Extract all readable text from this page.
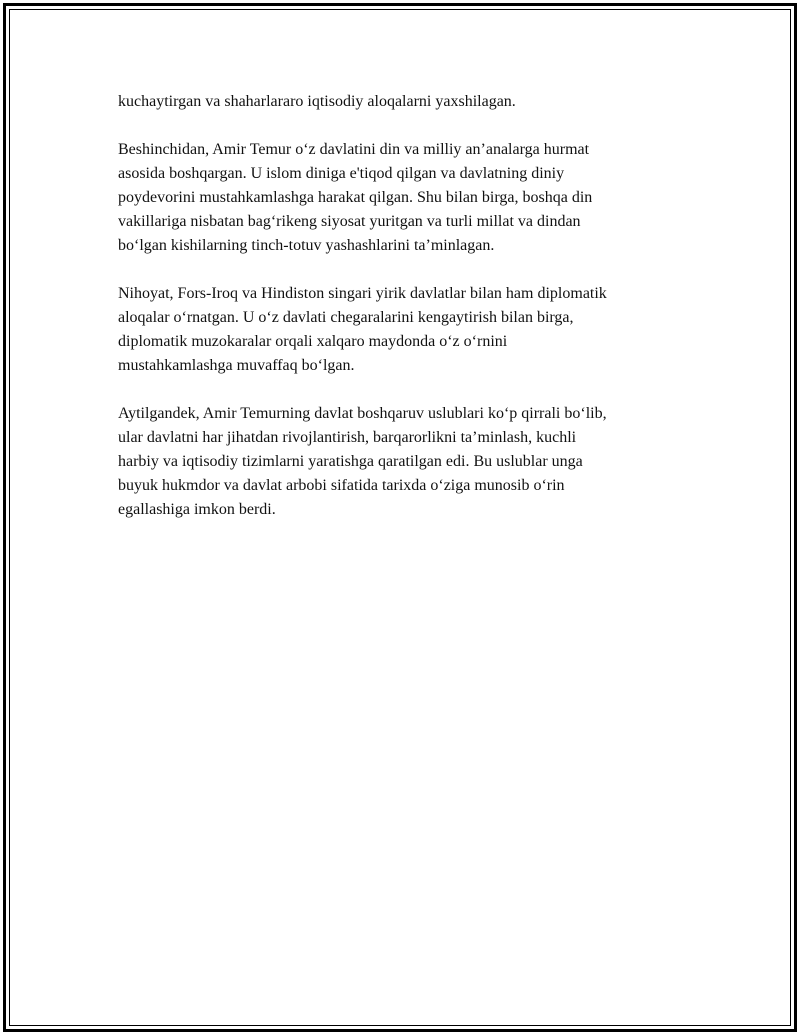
kuchaytirgan va shaharlararo iqtisodiy aloqalarni yaxshilagan.

Beshinchidan, Amir Temur o‘z davlatini din va milliy an’analarga hurmat
asosida boshqargan. U islom diniga e'tiqod qilgan va davlatning diniy
poydevorini mustahkamlashga harakat qilgan. Shu bilan birga, boshqa din
vakillariga nisbatan bag‘rikeng siyosat yuritgan va turli millat va dindan
bo‘lgan kishilarning tinch-totuv yashashlarini ta’minlagan.

Nihoyat, Fors-Iroq va Hindiston singari yirik davlatlar bilan ham diplomatik
aloqalar o‘rnatgan. U o‘z davlati chegaralarini kengaytirish bilan birga,
diplomatik muzokaralar orqali xalqaro maydonda o‘z o‘rnini
mustahkamlashga muvaffaq bo‘lgan.

Aytilgandek, Amir Temurning davlat boshqaruv uslublari ko‘p qirrali bo‘lib,
ular davlatni har jihatdan rivojlantirish, barqarorlikni ta’minlash, kuchli
harbiy va iqtisodiy tizimlarni yaratishga qaratilgan edi. Bu uslublar unga
buyuk hukmdor va davlat arbobi sifatida tarixda o‘ziga munosib o‘rin
egallashiga imkon berdi.
